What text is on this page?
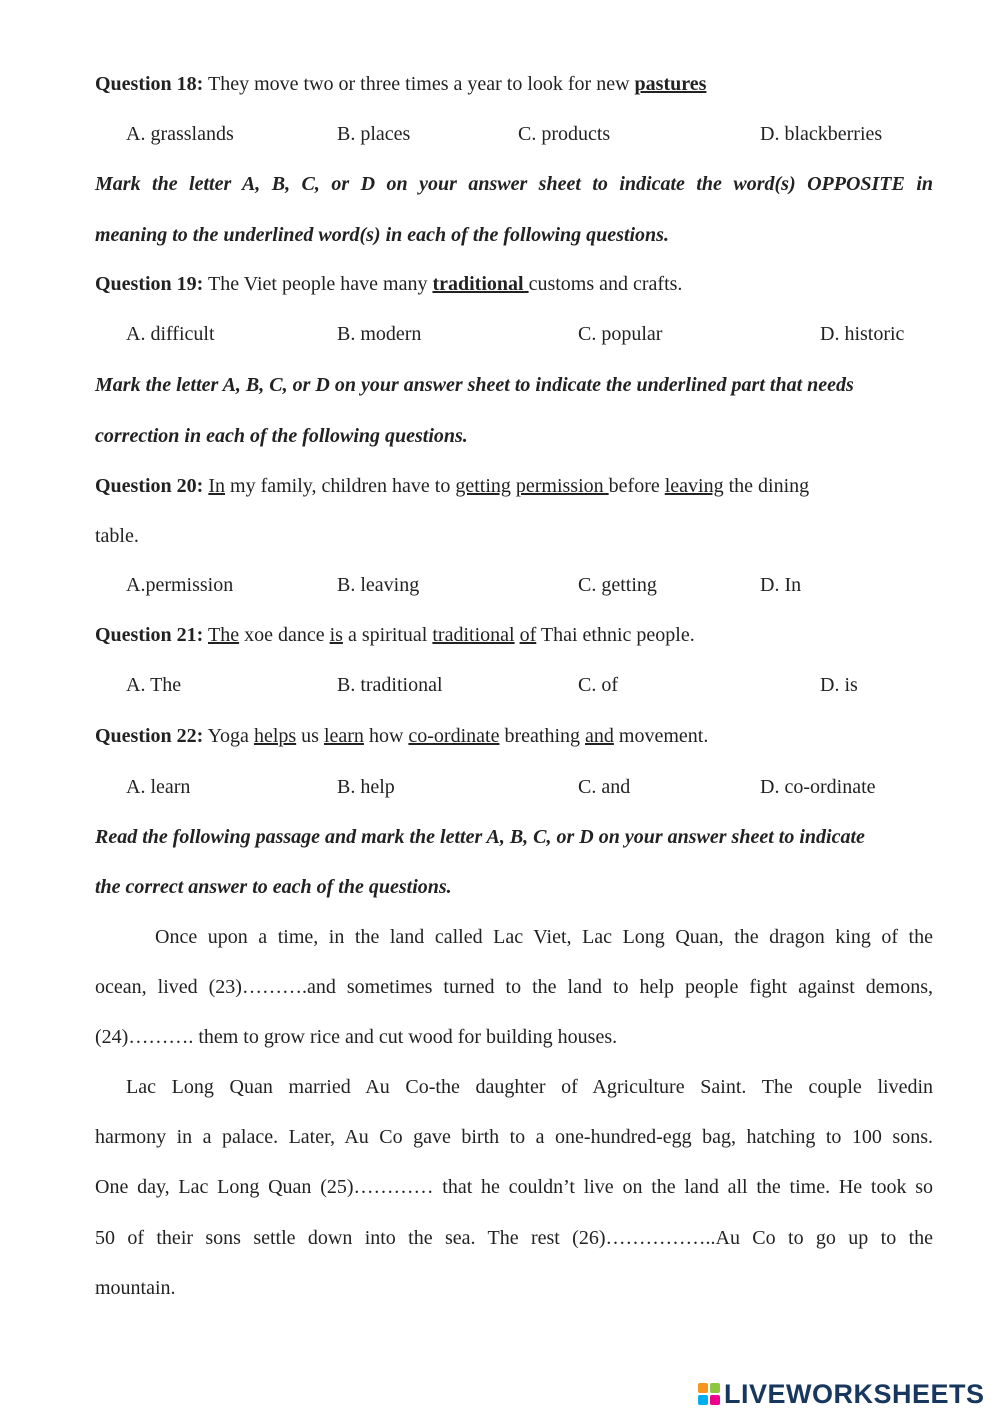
Question 18: They move two or three times a year to look for new pastures
A. grasslands	B. places	C. products	D. blackberries
Mark the letter A, B, C, or D on your answer sheet to indicate the word(s) OPPOSITE in
meaning to the underlined word(s) in each of the following questions.
Question 19: The Viet people have many traditional customs and crafts.
A. difficult	B. modern	C. popular	D. historic
Mark the letter A, B, C, or D on your answer sheet to indicate the underlined part that needs
correction in each of the following questions.
Question 20: In my family, children have to getting permission before leaving the dining
table.
A.permission	B. leaving	C. getting	D. In
Question 21: The xoe dance is a spiritual traditional of Thai ethnic people.
A. The	B. traditional	C. of	D. is
Question 22: Yoga helps us learn how co-ordinate breathing and movement.
A. learn	B. help	C. and	D. co-ordinate
Read the following passage and mark the letter A, B, C, or D on your answer sheet to indicate
the correct answer to each of the questions.
Once upon a time, in the land called Lac Viet, Lac Long Quan, the dragon king of the
ocean, lived (23)……….and sometimes turned to the land to help people fight against demons,
(24)………. them to grow rice and cut wood for building houses.
Lac Long Quan married Au Co-the daughter of Agriculture Saint. The couple livedin
harmony in a palace. Later, Au Co gave birth to a one-hundred-egg bag, hatching to 100 sons.
One day, Lac Long Quan (25)………… that he couldn’t live on the land all the time. He took so
50 of their sons settle down into the sea. The rest (26)……………..Au Co to go up to the
mountain.
LIVEWORKSHEETS
